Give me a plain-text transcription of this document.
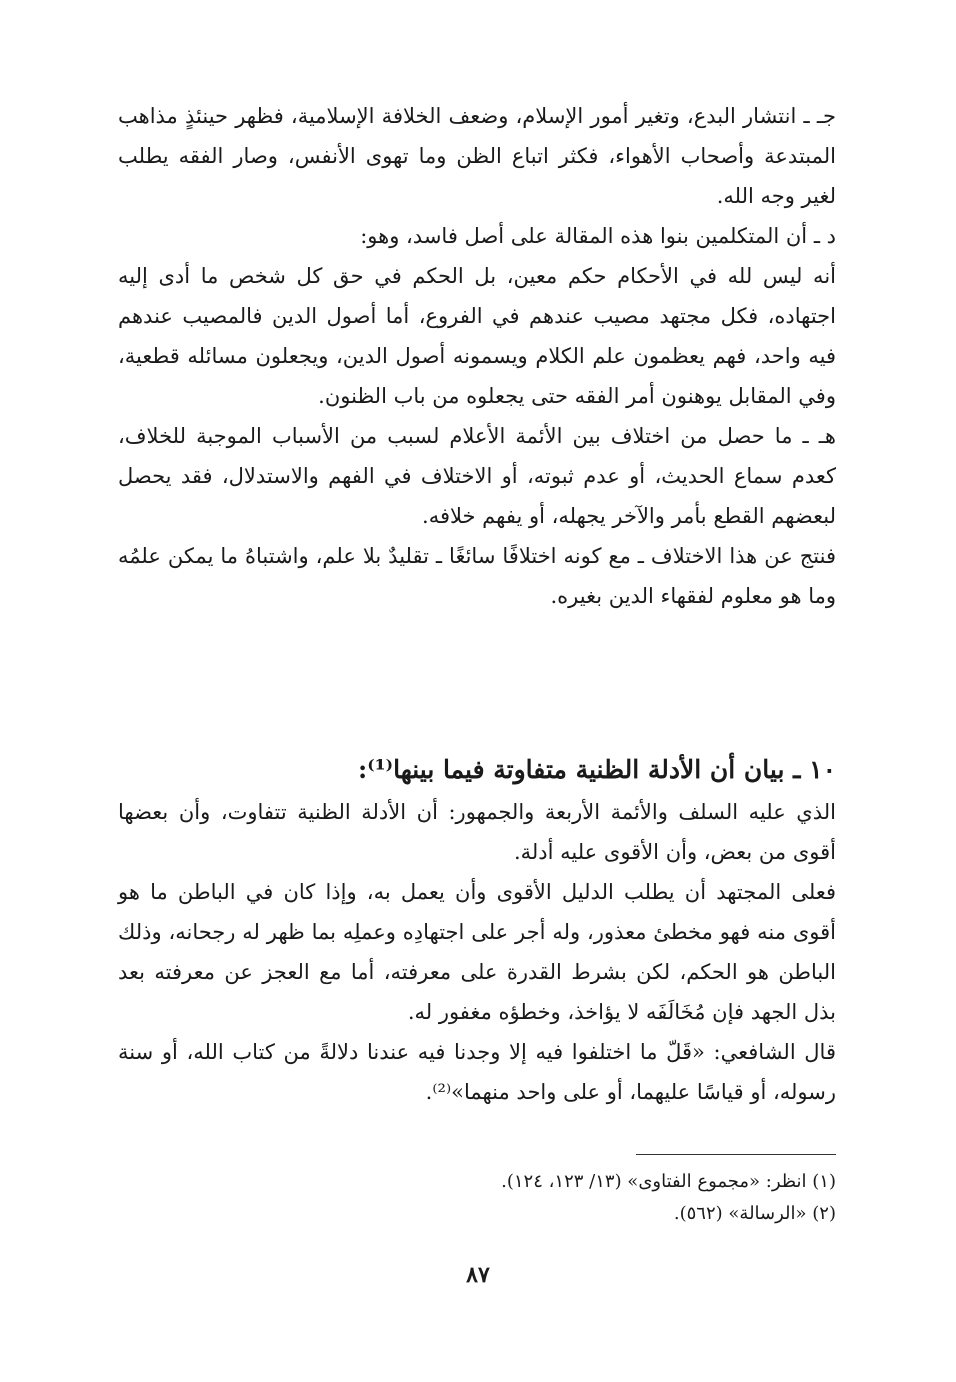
جـ ـ انتشار البدع، وتغير أمور الإسلام، وضعف الخلافة الإسلامية، فظهر حينئذٍ مذاهب المبتدعة وأصحاب الأهواء، فكثر اتباع الظن وما تهوى الأنفس، وصار الفقه يطلب لغير وجه الله.

د ـ أن المتكلمين بنوا هذه المقالة على أصل فاسد، وهو:

أنه ليس لله في الأحكام حكم معين، بل الحكم في حق كل شخص ما أدى إليه اجتهاده، فكل مجتهد مصيب عندهم في الفروع، أما أصول الدين فالمصيب عندهم فيه واحد، فهم يعظمون علم الكلام ويسمونه أصول الدين، ويجعلون مسائله قطعية، وفي المقابل يوهنون أمر الفقه حتى يجعلوه من باب الظنون.

هـ ـ ما حصل من اختلاف بين الأئمة الأعلام لسبب من الأسباب الموجبة للخلاف، كعدم سماع الحديث، أو عدم ثبوته، أو الاختلاف في الفهم والاستدلال، فقد يحصل لبعضهم القطع بأمر والآخر يجهله، أو يفهم خلافه.

فنتج عن هذا الاختلاف ـ مع كونه اختلافًا سائغًا ـ تقليدٌ بلا علم، واشتباهُ ما يمكن علمُه وما هو معلوم لفقهاء الدين بغيره.

١٠ ـ بيان أن الأدلة الظنية متفاوتة فيما بينها⁽¹⁾:

الذي عليه السلف والأئمة الأربعة والجمهور: أن الأدلة الظنية تتفاوت، وأن بعضها أقوى من بعض، وأن الأقوى عليه أدلة.

فعلى المجتهد أن يطلب الدليل الأقوى وأن يعمل به، وإذا كان في الباطن ما هو أقوى منه فهو مخطئ معذور، وله أجر على اجتهادِه وعملِه بما ظهر له رجحانه، وذلك الباطن هو الحكم، لكن بشرط القدرة على معرفته، أما مع العجز عن معرفته بعد بذل الجهد فإن مُخَالَفَه لا يؤاخذ، وخطؤه مغفور له.

قال الشافعي: «قَلّ ما اختلفوا فيه إلا وجدنا فيه عندنا دلالةً من كتاب الله، أو سنة رسوله، أو قياسًا عليهما، أو على واحد منهما»⁽²⁾.

(١) انظر: «مجموع الفتاوى» (١٣/ ١٢٣، ١٢٤).

(٢) «الرسالة» (٥٦٢).

٨٧
